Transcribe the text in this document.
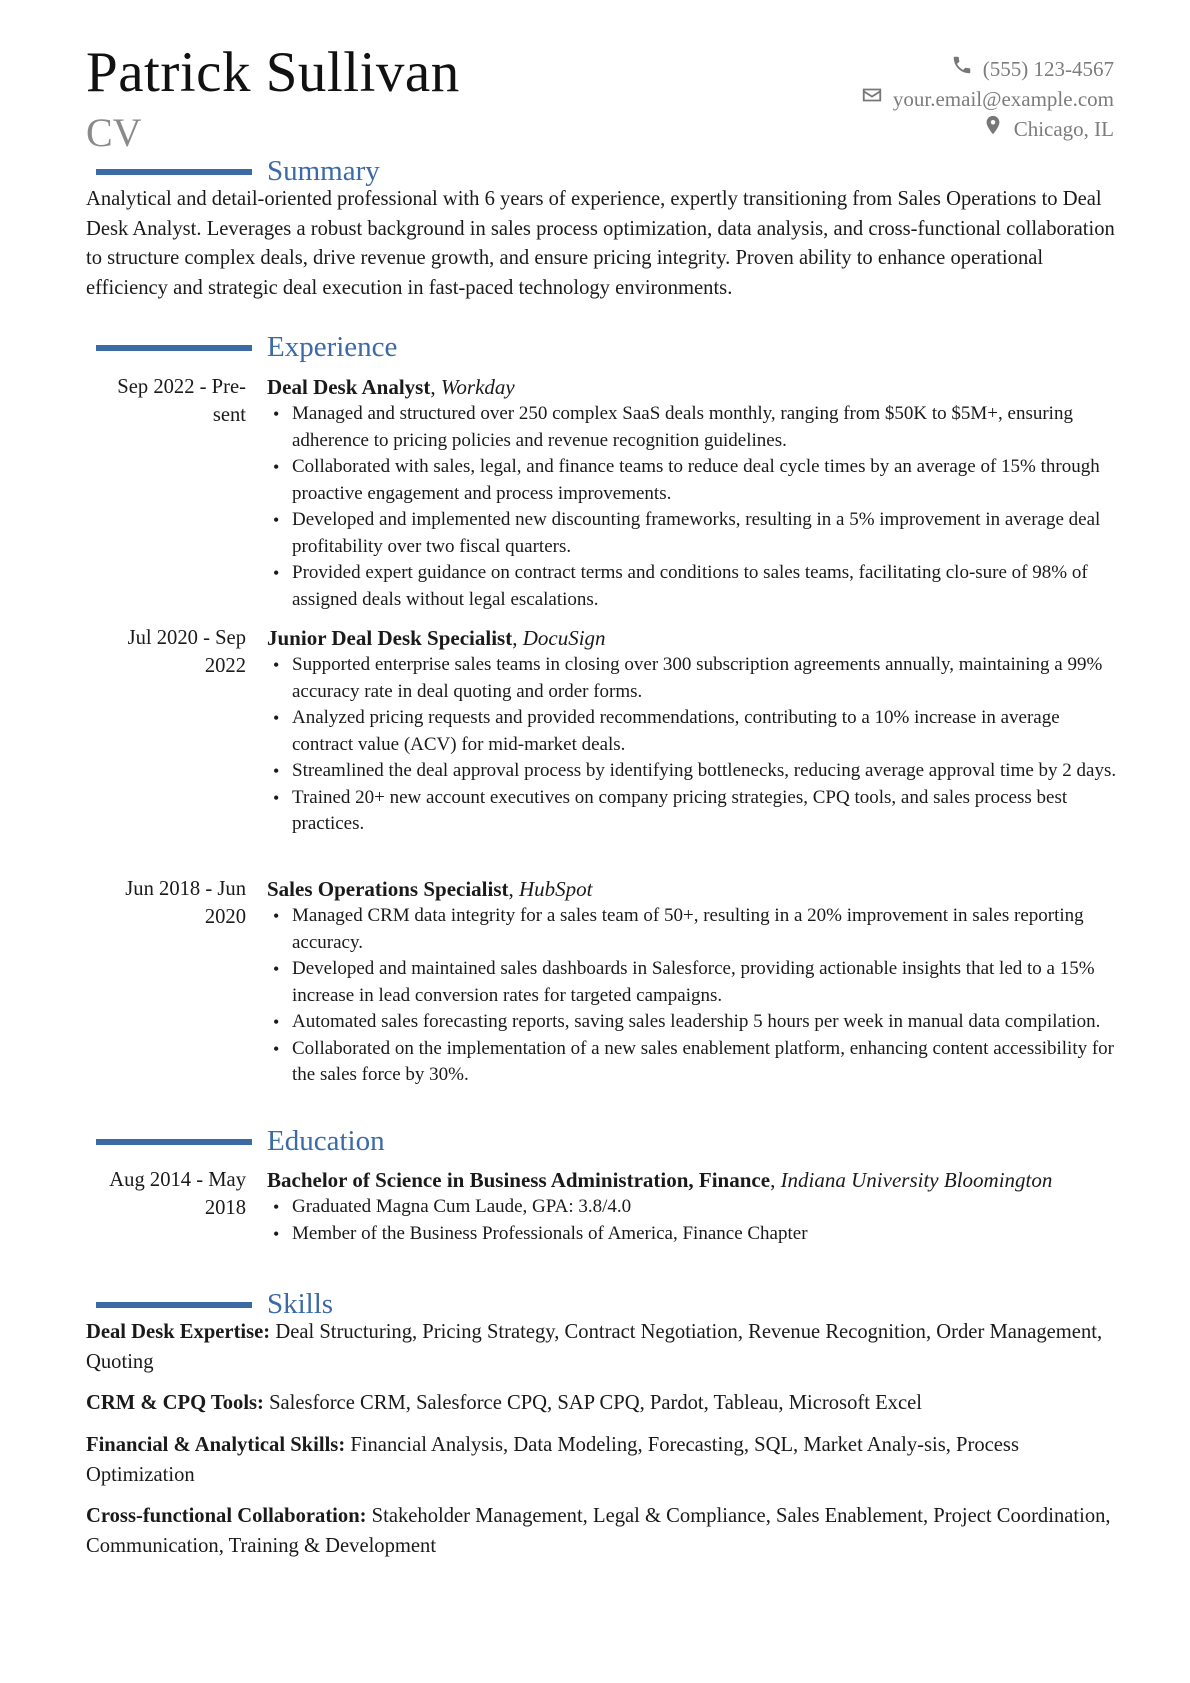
Patrick Sullivan
CV
(555) 123-4567
your.email@example.com
Chicago, IL
Summary
Analytical and detail-oriented professional with 6 years of experience, expertly transitioning from Sales Operations to Deal Desk Analyst. Leverages a robust background in sales process optimization, data analysis, and cross-functional collaboration to structure complex deals, drive revenue growth, and ensure pricing integrity. Proven ability to enhance operational efficiency and strategic deal execution in fast-paced technology environments.
Experience
Sep 2022 - Pre-sent
Deal Desk Analyst, Workday
• Managed and structured over 250 complex SaaS deals monthly, ranging from $50K to $5M+, ensuring adherence to pricing policies and revenue recognition guidelines.
• Collaborated with sales, legal, and finance teams to reduce deal cycle times by an average of 15% through proactive engagement and process improvements.
• Developed and implemented new discounting frameworks, resulting in a 5% improvement in average deal profitability over two fiscal quarters.
• Provided expert guidance on contract terms and conditions to sales teams, facilitating clo-sure of 98% of assigned deals without legal escalations.
Jul 2020 - Sep 2022
Junior Deal Desk Specialist, DocuSign
• Supported enterprise sales teams in closing over 300 subscription agreements annually, maintaining a 99% accuracy rate in deal quoting and order forms.
• Analyzed pricing requests and provided recommendations, contributing to a 10% increase in average contract value (ACV) for mid-market deals.
• Streamlined the deal approval process by identifying bottlenecks, reducing average approval time by 2 days.
• Trained 20+ new account executives on company pricing strategies, CPQ tools, and sales process best practices.
Jun 2018 - Jun 2020
Sales Operations Specialist, HubSpot
• Managed CRM data integrity for a sales team of 50+, resulting in a 20% improvement in sales reporting accuracy.
• Developed and maintained sales dashboards in Salesforce, providing actionable insights that led to a 15% increase in lead conversion rates for targeted campaigns.
• Automated sales forecasting reports, saving sales leadership 5 hours per week in manual data compilation.
• Collaborated on the implementation of a new sales enablement platform, enhancing content accessibility for the sales force by 30%.
Education
Aug 2014 - May 2018
Bachelor of Science in Business Administration, Finance, Indiana University Bloomington
• Graduated Magna Cum Laude, GPA: 3.8/4.0
• Member of the Business Professionals of America, Finance Chapter
Skills
Deal Desk Expertise: Deal Structuring, Pricing Strategy, Contract Negotiation, Revenue Recognition, Order Management, Quoting
CRM & CPQ Tools: Salesforce CRM, Salesforce CPQ, SAP CPQ, Pardot, Tableau, Microsoft Excel
Financial & Analytical Skills: Financial Analysis, Data Modeling, Forecasting, SQL, Market Analy-sis, Process Optimization
Cross-functional Collaboration: Stakeholder Management, Legal & Compliance, Sales Enablement, Project Coordination, Communication, Training & Development
